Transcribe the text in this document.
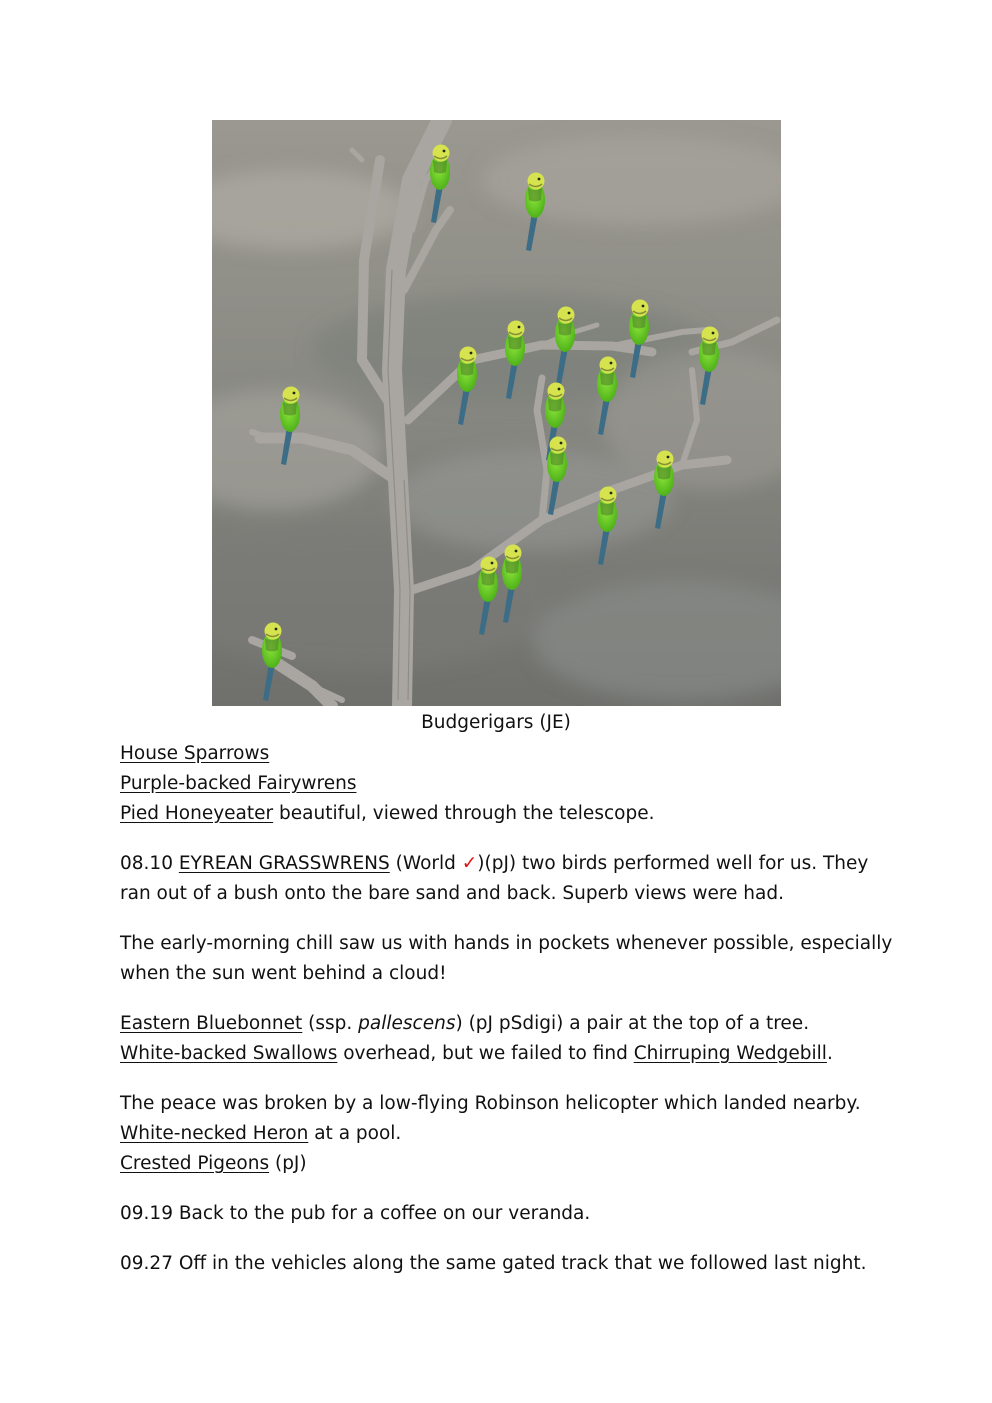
Budgerigars (JE)

House Sparrows
Purple-backed Fairywrens
Pied Honeyeater beautiful, viewed through the telescope.

08.10 EYREAN GRASSWRENS (World ✓)(pJ) two birds performed well for us. They ran out of a bush onto the bare sand and back. Superb views were had.

The early-morning chill saw us with hands in pockets whenever possible, especially when the sun went behind a cloud!

Eastern Bluebonnet (ssp. pallescens) (pJ pSdigi) a pair at the top of a tree.
White-backed Swallows overhead, but we failed to find Chirruping Wedgebill.

The peace was broken by a low-flying Robinson helicopter which landed nearby.
White-necked Heron at a pool.
Crested Pigeons (pJ)

09.19 Back to the pub for a coffee on our veranda.

09.27 Off in the vehicles along the same gated track that we followed last night.
